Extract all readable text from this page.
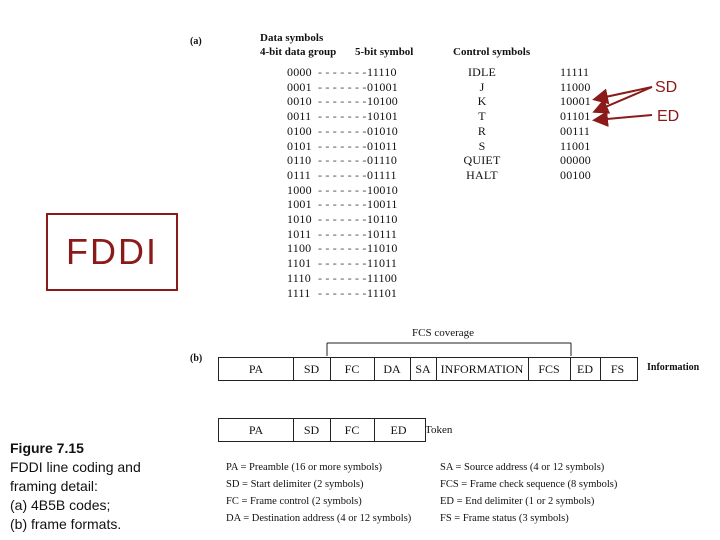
(a)	Data symbols
4-bit data group 5-bit symbol	Control symbols
0000 - - - - - - - 11110
0001 - - - - - - - 01001
0010 - - - - - - - 10100
0011 - - - - - - - 10101
0100 - - - - - - - 01010
0101 - - - - - - - 01011
0110 - - - - - - - 01110
0111 - - - - - - - 01111
1000 - - - - - - - 10010
1001 - - - - - - - 10011
1010 - - - - - - - 10110
1011 - - - - - - - 10111
1100 - - - - - - - 11010
1101 - - - - - - - 11011
1110 - - - - - - - 11100
1111 - - - - - - - 11101
IDLE	11111
J	11000
K	10001
T	01101
R	00111
S	11001
QUIET	00000
HALT	00100
SD
ED
FDDI
(b)
FCS coverage
PA	SD	FC	DA	SA INFORMATION	FCS	ED	FS	Information
PA	SD	FC	ED	Token
PA = Preamble (16 or more symbols)
SD = Start delimiter (2 symbols)
FC = Frame control (2 symbols)
DA = Destination address (4 or 12 symbols)
SA = Source address (4 or 12 symbols)
FCS = Frame check sequence (8 symbols)
ED = End delimiter (1 or 2 symbols)
FS = Frame status (3 symbols)
Figure 7.15
FDDI line coding and
framing detail:
(a) 4B5B codes;
(b) frame formats.
